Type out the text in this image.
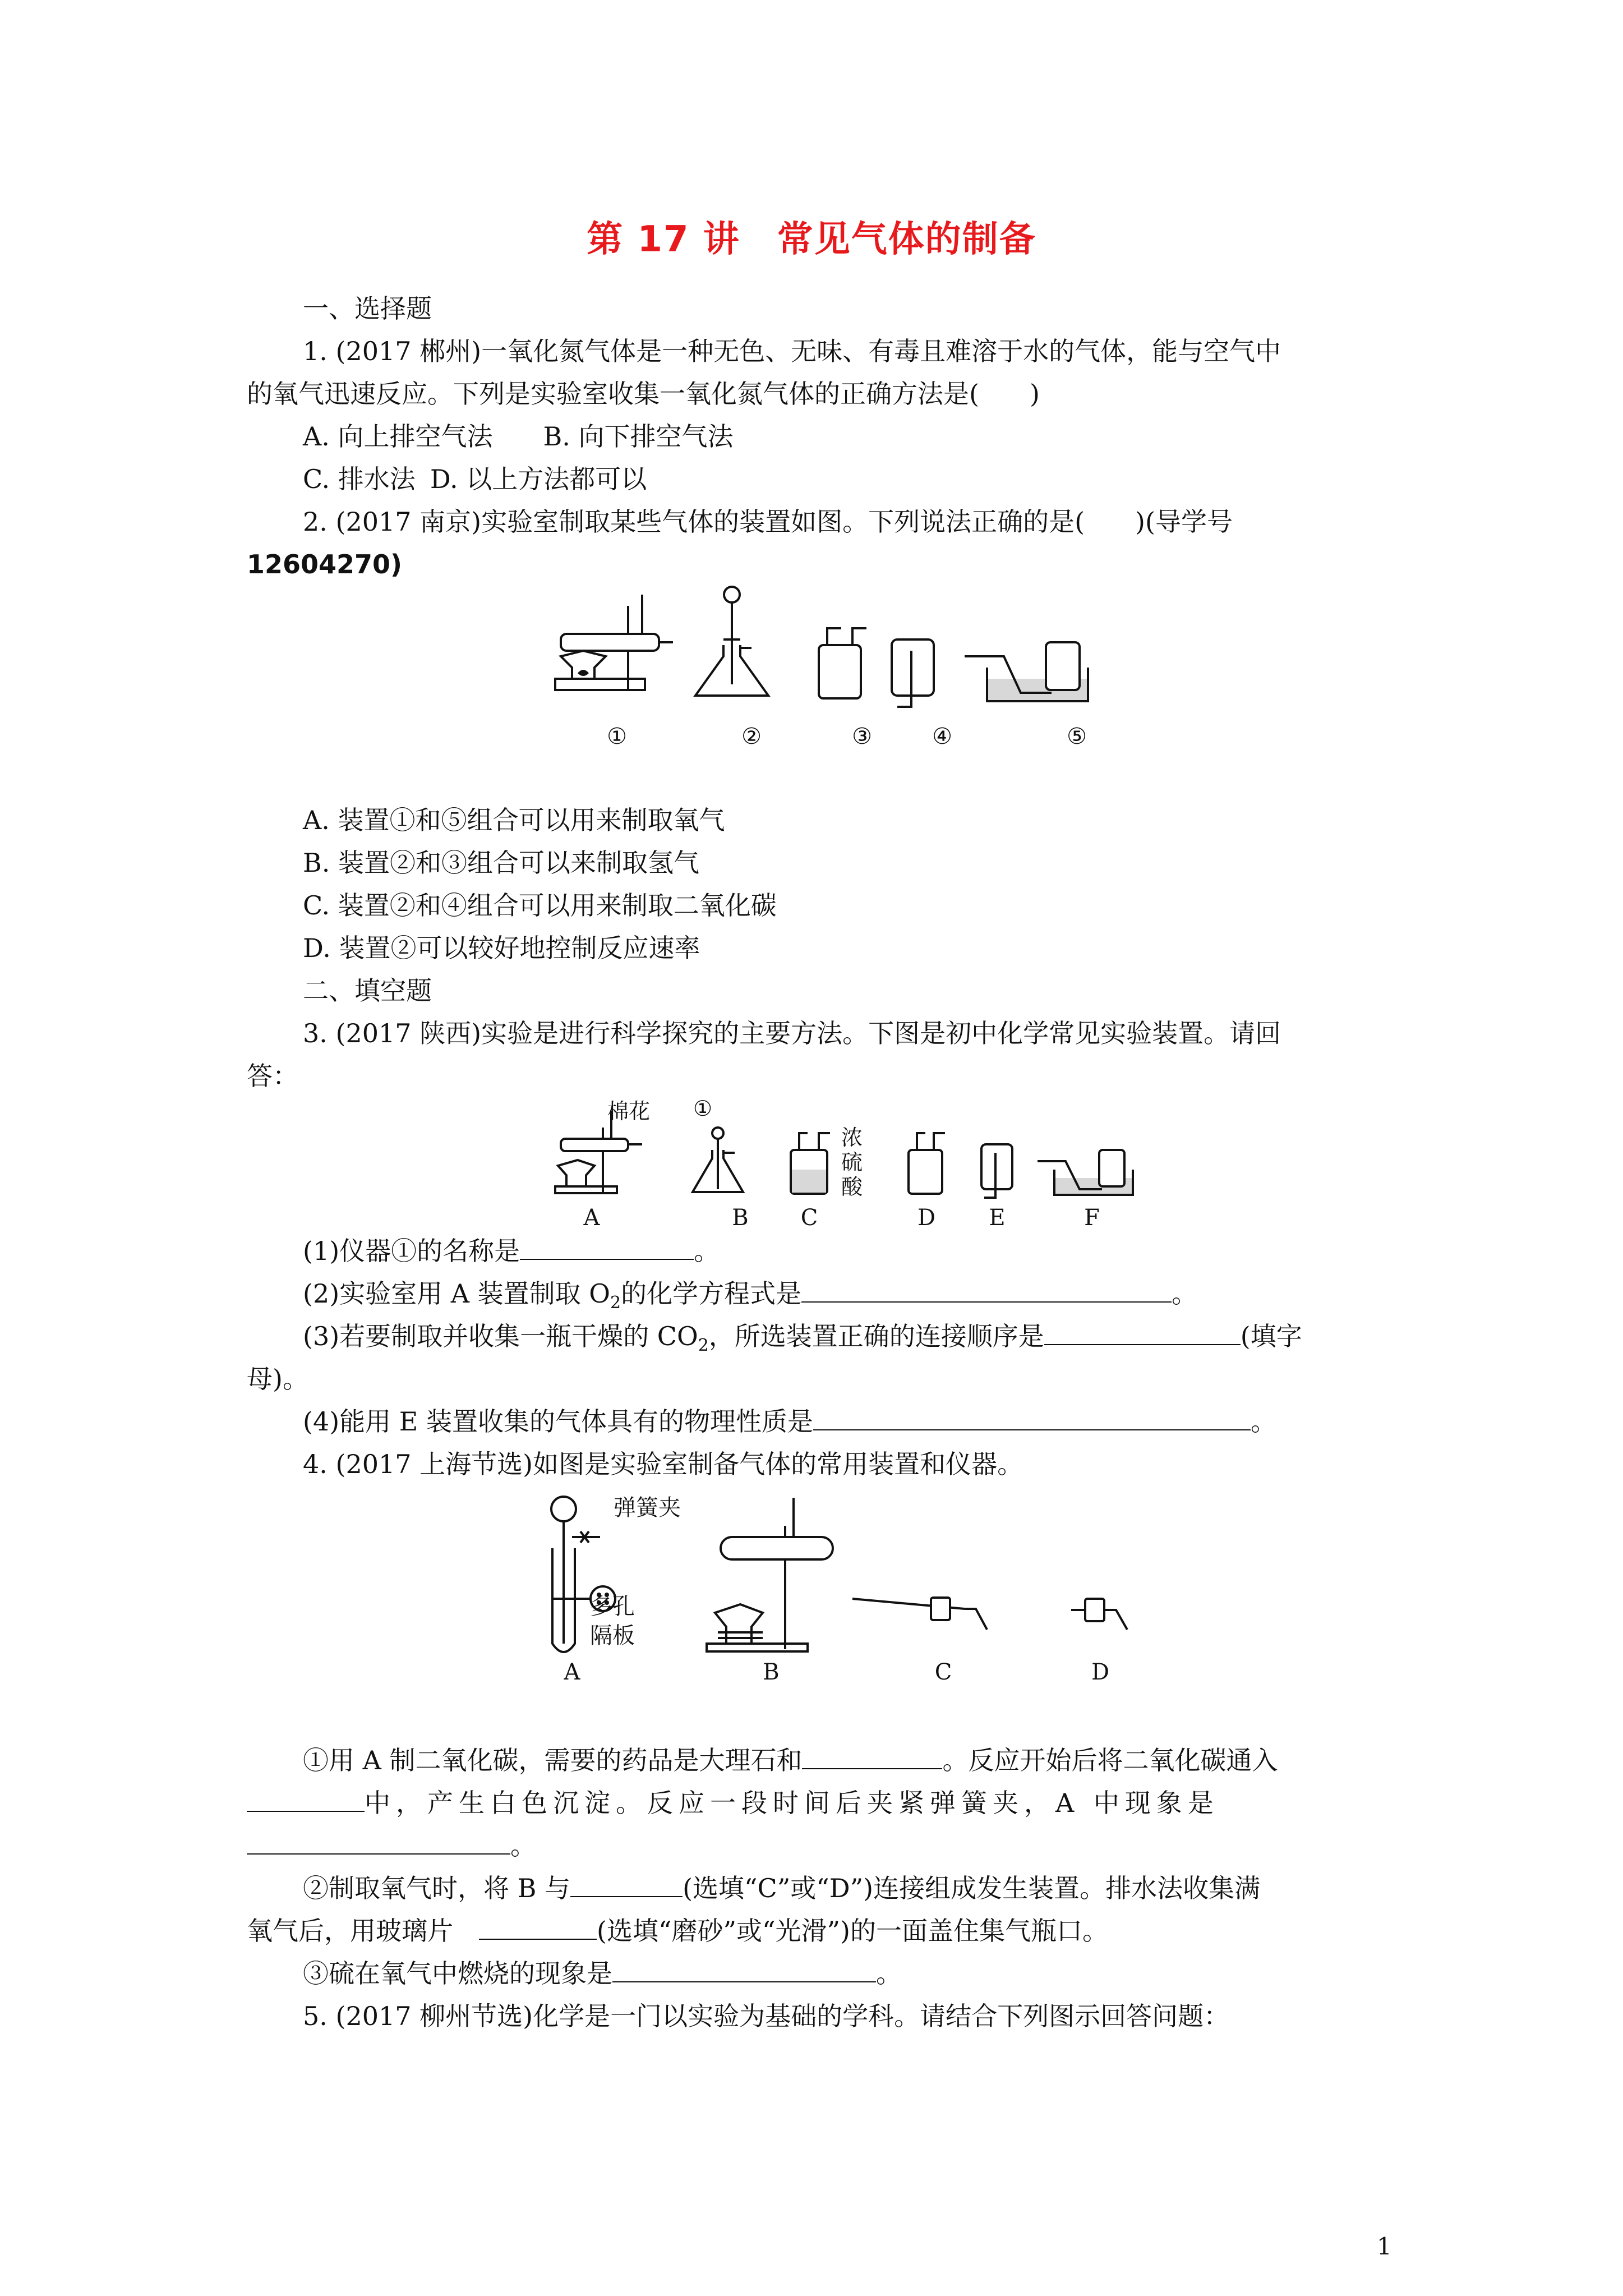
第 17 讲　常见气体的制备
一、选择题
1. (2017 郴州)一氧化氮气体是一种无色、无味、有毒且难溶于水的气体，能与空气中
的氧气迅速反应。下列是实验室收集一氧化氮气体的正确方法是( )
A. 向上排空气法 B. 向下排空气法
C. 排水法 D. 以上方法都可以
2. (2017 南京)实验室制取某些气体的装置如图。下列说法正确的是( )(导学号
12604270)
①	②	③	④	⑤
A. 装置①和⑤组合可以用来制取氧气
B. 装置②和③组合可以来制取氢气
C. 装置②和④组合可以用来制取二氧化碳
D. 装置②可以较好地控制反应速率
二、填空题
3. (2017 陕西)实验是进行科学探究的主要方法。下图是初中化学常见实验装置。请回
答：
棉花 ①
浓
硫
酸
A	B	C	D	E	F
(1)仪器①的名称是	。
(2)实验室用 A 装置制取 $O_2$的化学方程式是	。
(3)若要制取并收集一瓶干燥的 $CO_2$，所选装置正确的连接顺序是	(填字
母)。
(4)能用 E 装置收集的气体具有的物理性质是	。
4. (2017 上海节选)如图是实验室制备气体的常用装置和仪器。
弹簧夹
多孔
隔板
A	B	C	D
①用 A 制二氧化碳，需要的药品是大理石和	。反应开始后将二氧化碳通入
中，产生白色沉淀。反应一段时间后夹紧弹簧夹，A 中现象是
。
②制取氧气时，将 B 与	(选填“C”或“D”)连接组成发生装置。排水法收集满
氧气后，用玻璃片	(选填“磨砂”或“光滑”)的一面盖住集气瓶口。
③硫在氧气中燃烧的现象是	。
5. (2017 柳州节选)化学是一门以实验为基础的学科。请结合下列图示回答问题：
1
